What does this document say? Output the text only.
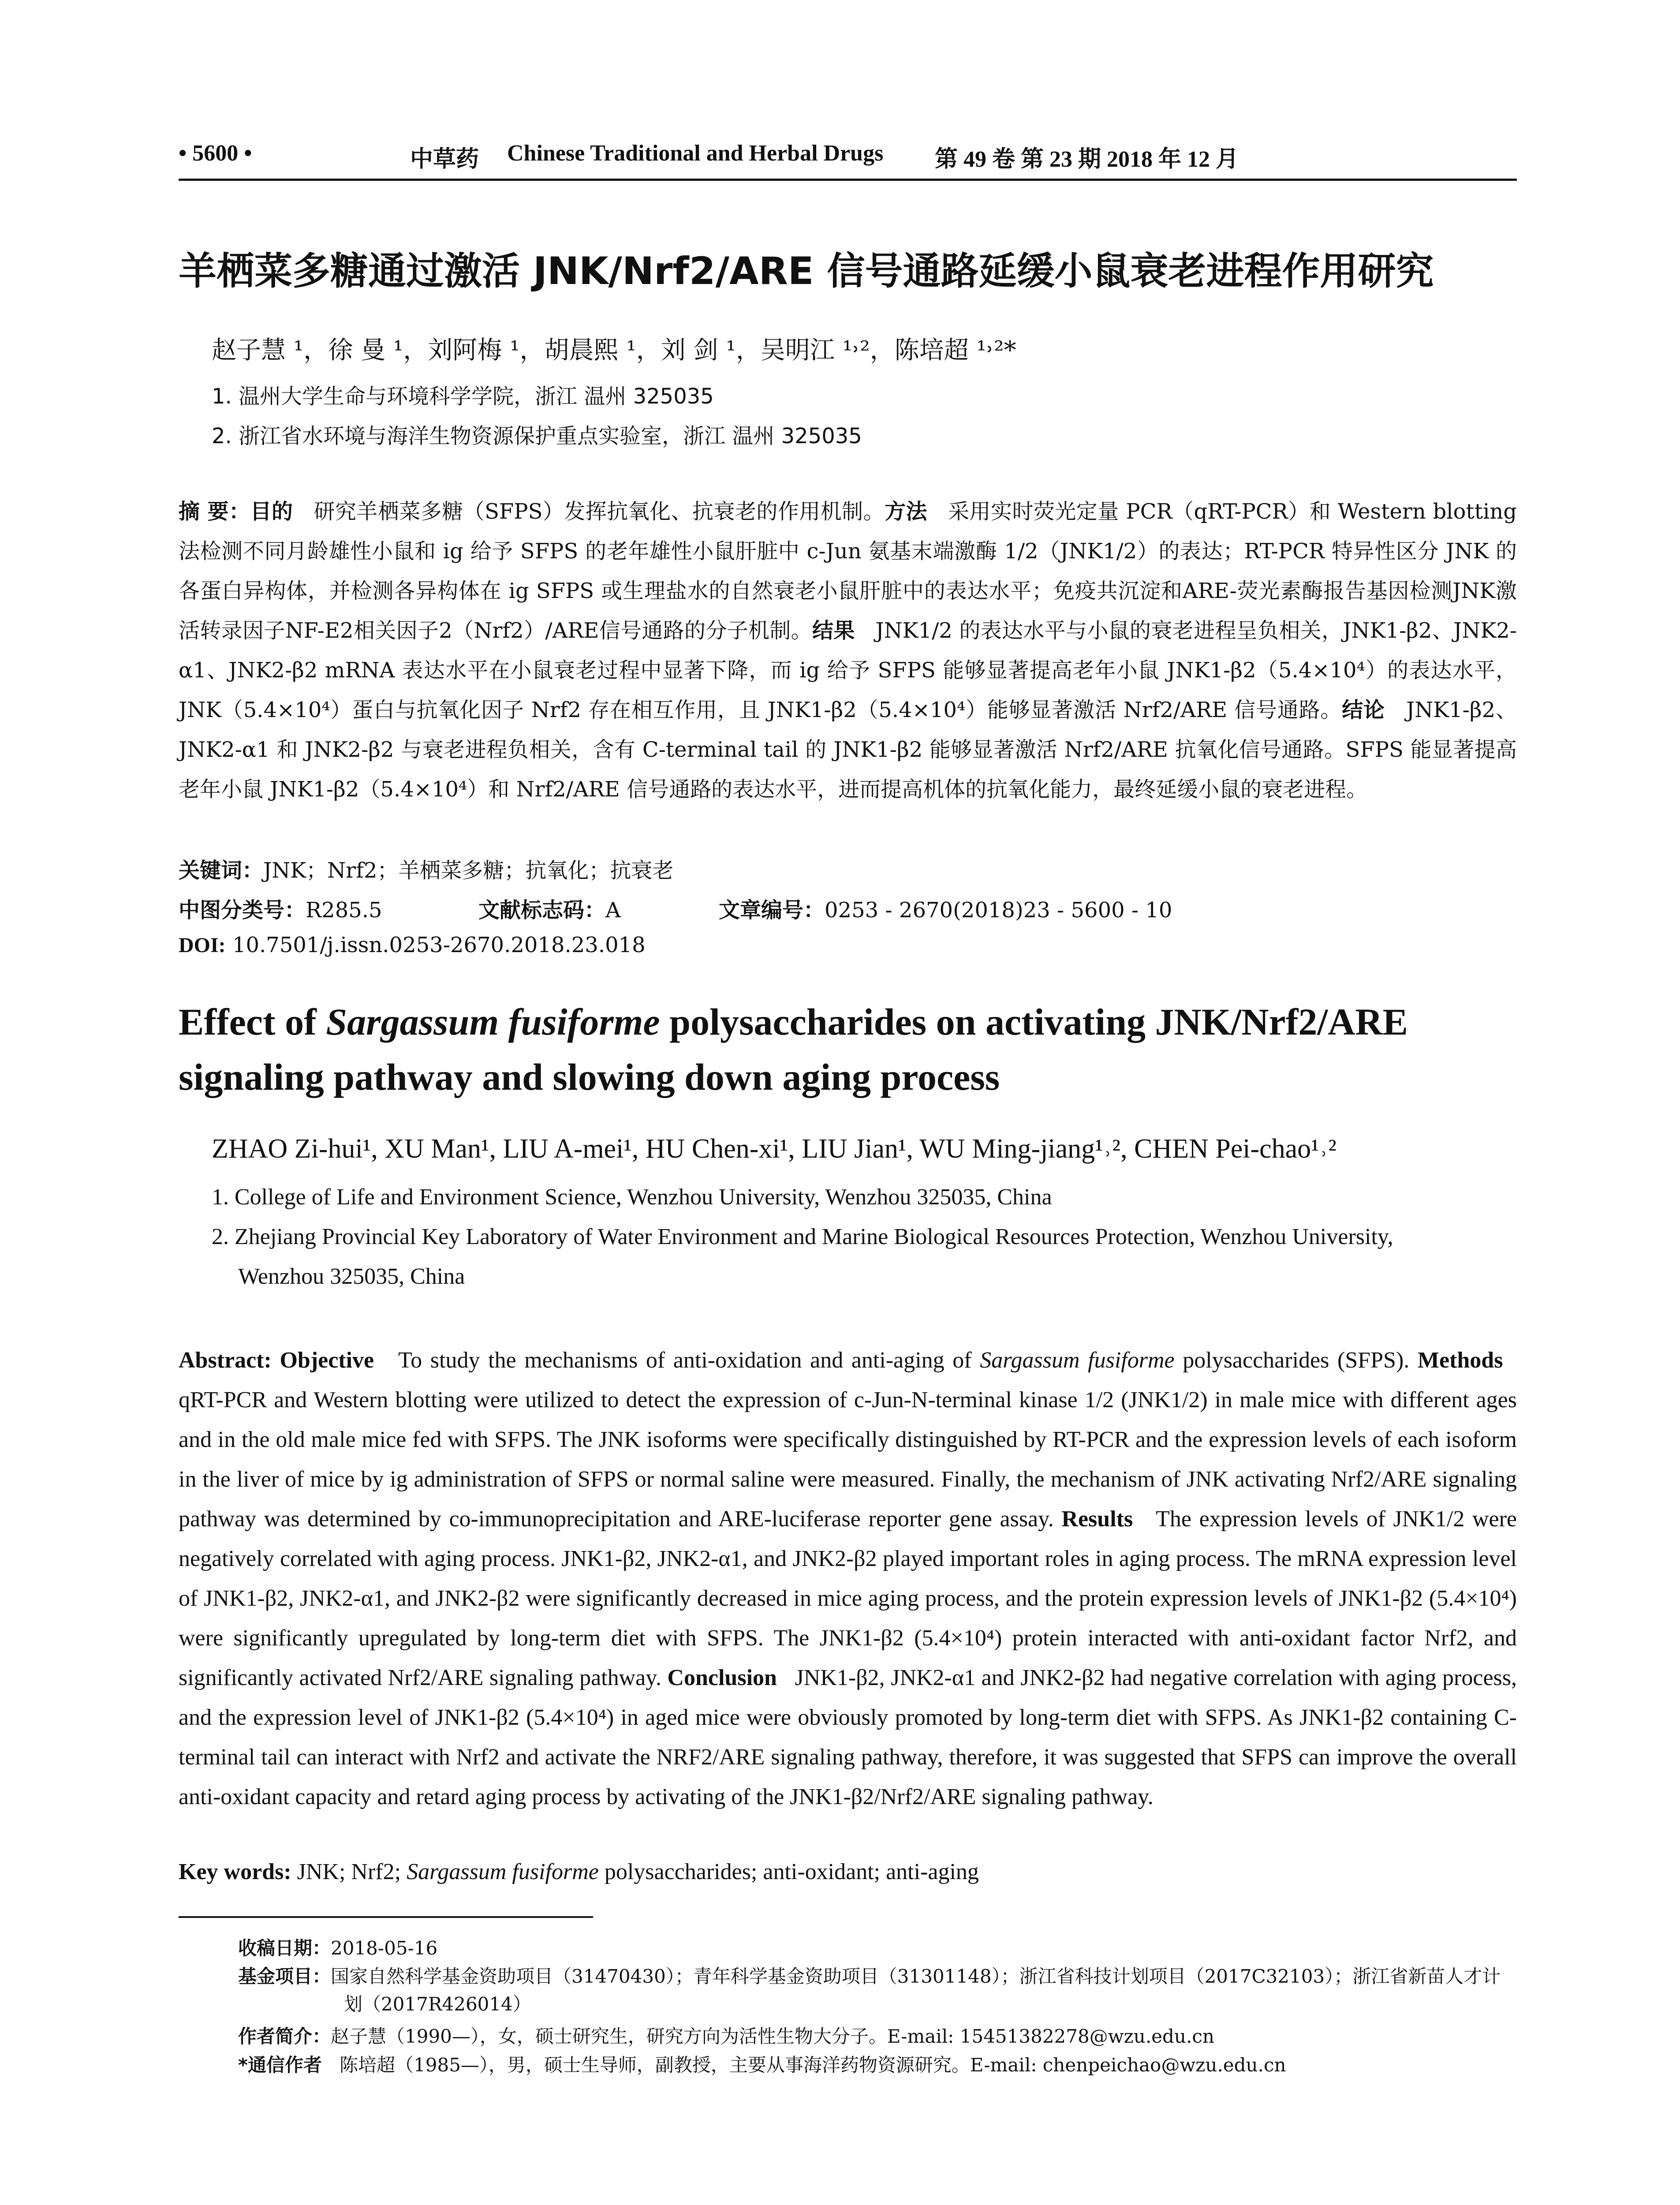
• 5600 •	中草药 Chinese Traditional and Herbal Drugs 第 49 卷 第 23 期 2018 年 12 月
羊栖菜多糖通过激活 JNK/Nrf2/ARE 信号通路延缓小鼠衰老进程作用研究
赵子慧 ¹，徐 曼 ¹，刘阿梅 ¹，胡晨熙 ¹，刘 剑 ¹，吴明江 ¹˒²，陈培超 ¹˒²*
1. 温州大学生命与环境科学学院，浙江 温州 325035
2. 浙江省水环境与海洋生物资源保护重点实验室，浙江 温州 325035
摘 要：目的 研究羊栖菜多糖（SFPS）发挥抗氧化、抗衰老的作用机制。方法 采用实时荧光定量 PCR（qRT-PCR）和 Western blotting 法检测不同月龄雄性小鼠和 ig 给予 SFPS 的老年雄性小鼠肝脏中 c-Jun 氨基末端激酶 1/2（JNK1/2）的表达；RT-PCR 特异性区分 JNK 的各蛋白异构体，并检测各异构体在 ig SFPS 或生理盐水的自然衰老小鼠肝脏中的表达水平；免疫共沉淀和ARE-荧光素酶报告基因检测JNK激活转录因子NF-E2相关因子2（Nrf2）/ARE信号通路的分子机制。结果 JNK1/2 的表达水平与小鼠的衰老进程呈负相关，JNK1-β2、JNK2-α1、JNK2-β2 mRNA 表达水平在小鼠衰老过程中显著下降，而 ig 给予 SFPS 能够显著提高老年小鼠 JNK1-β2（5.4×10⁴）的表达水平，JNK（5.4×10⁴）蛋白与抗氧化因子 Nrf2 存在相互作用，且 JNK1-β2（5.4×10⁴）能够显著激活 Nrf2/ARE 信号通路。结论 JNK1-β2、JNK2-α1 和 JNK2-β2 与衰老进程负相关，含有 C-terminal tail 的 JNK1-β2 能够显著激活 Nrf2/ARE 抗氧化信号通路。SFPS 能显著提高老年小鼠 JNK1-β2（5.4×10⁴）和 Nrf2/ARE 信号通路的表达水平，进而提高机体的抗氧化能力，最终延缓小鼠的衰老进程。
关键词：JNK；Nrf2；羊栖菜多糖；抗氧化；抗衰老
中图分类号：R285.5	文献标志码：A	文章编号：0253 - 2670(2018)23 - 5600 - 10
DOI: 10.7501/j.issn.0253-2670.2018.23.018
Effect of Sargassum fusiforme polysaccharides on activating JNK/Nrf2/ARE signaling pathway and slowing down aging process
ZHAO Zi-hui¹, XU Man¹, LIU A-mei¹, HU Chen-xi¹, LIU Jian¹, WU Ming-jiang¹˒², CHEN Pei-chao¹˒²
1. College of Life and Environment Science, Wenzhou University, Wenzhou 325035, China
2. Zhejiang Provincial Key Laboratory of Water Environment and Marine Biological Resources Protection, Wenzhou University,
Wenzhou 325035, China
Abstract: Objective To study the mechanisms of anti-oxidation and anti-aging of Sargassum fusiforme polysaccharides (SFPS). Methods   qRT-PCR and Western blotting were utilized to detect the expression of c-Jun-N-terminal kinase 1/2 (JNK1/2) in male mice with different ages and in the old male mice fed with SFPS. The JNK isoforms were specifically distinguished by RT-PCR and the expression levels of each isoform in the liver of mice by ig administration of SFPS or normal saline were measured. Finally, the mechanism of JNK activating Nrf2/ARE signaling pathway was determined by co-immunoprecipitation and ARE-luciferase reporter gene assay. Results The expression levels of JNK1/2 were negatively correlated with aging process. JNK1-β2, JNK2-α1, and JNK2-β2 played important roles in aging process. The mRNA expression level of JNK1-β2, JNK2-α1, and JNK2-β2 were significantly decreased in mice aging process, and the protein expression levels of JNK1-β2 (5.4×10⁴) were significantly upregulated by long-term diet with SFPS. The JNK1-β2 (5.4×10⁴) protein interacted with anti-oxidant factor Nrf2, and significantly activated Nrf2/ARE signaling pathway. Conclusion JNK1-β2, JNK2-α1 and JNK2-β2 had negative correlation with aging process, and the expression level of JNK1-β2 (5.4×10⁴) in aged mice were obviously promoted by long-term diet with SFPS. As JNK1-β2 containing C-terminal tail can interact with Nrf2 and activate the NRF2/ARE signaling pathway, therefore, it was suggested that SFPS can improve the overall anti-oxidant capacity and retard aging process by activating of the JNK1-β2/Nrf2/ARE signaling pathway.
Key words: JNK; Nrf2; Sargassum fusiforme polysaccharides; anti-oxidant; anti-aging
收稿日期：2018-05-16
基金项目：国家自然科学基金资助项目（31470430）；青年科学基金资助项目（31301148）；浙江省科技计划项目（2017C32103）；浙江省新苗人才计划（2017R426014）
作者简介：赵子慧（1990—），女，硕士研究生，研究方向为活性生物大分子。E-mail: 15451382278@wzu.edu.cn
*通信作者 陈培超（1985—），男，硕士生导师，副教授，主要从事海洋药物资源研究。E-mail: chenpeichao@wzu.edu.cn
